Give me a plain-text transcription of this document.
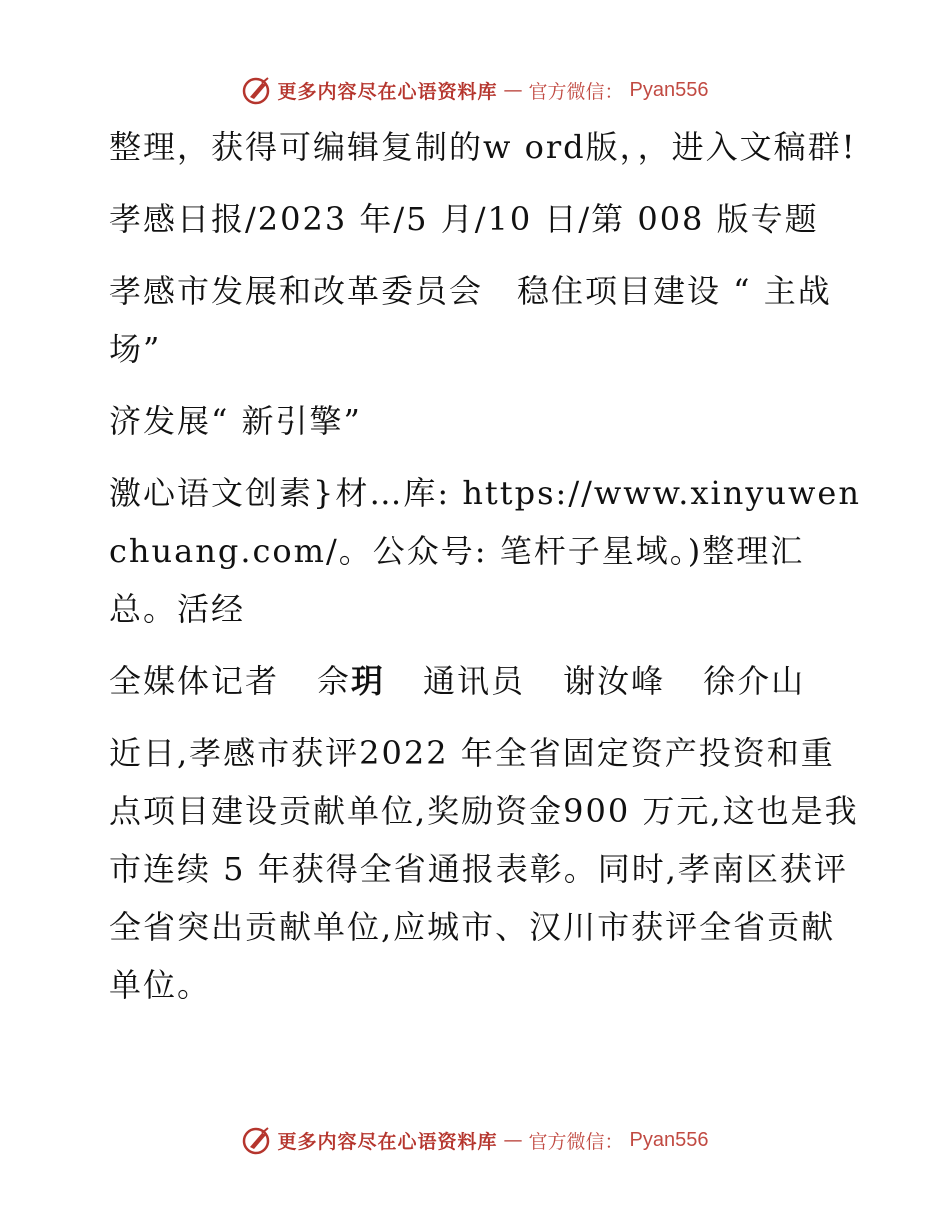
更多内容尽在心语资料库 — 官方微信： Pyan556

整理，获得可编辑复制的w ord版，，进入文稿群!

孝感日报/2023 年/5 月/10 日/第 008 版专题

孝感市发展和改革委员会　稳住项目建设 “ 主战场”

济发展“ 新引擎”

激心语文创素}材…库: https://www.xinyuwenchuang.com/。公众号: 笔杆子星域。)整理汇总。活经

全媒体记者 佘 玥 通讯员 谢汝峰 徐介山

近日,孝感市获评2022 年全省固定资产投资和重点项目建设贡献单位,奖励资金900 万元,这也是我市连续 5 年获得全省通报表彰。同时,孝南区获评全省突出贡献单位,应城市、汉川市获评全省贡献单位。

更多内容尽在心语资料库 — 官方微信： Pyan556
